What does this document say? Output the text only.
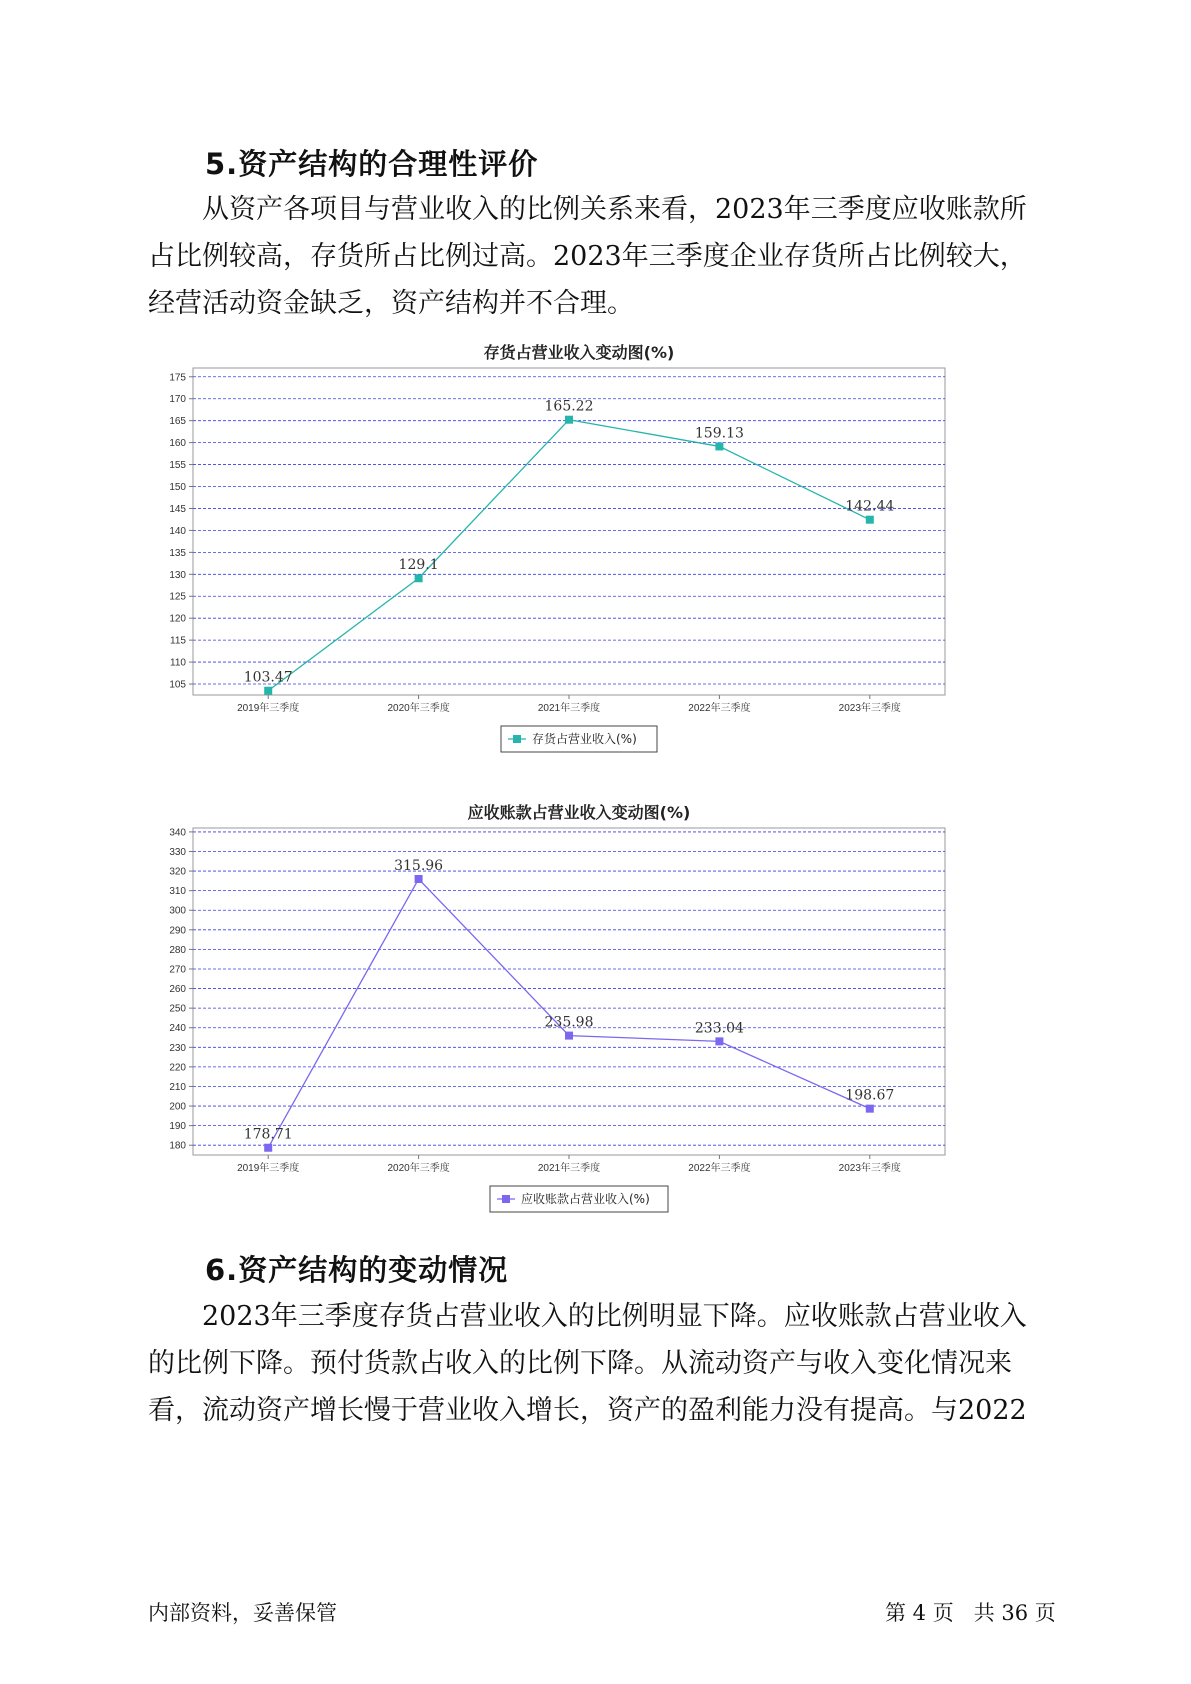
5.资产结构的合理性评价

从资产各项目与营业收入的比例关系来看，2023年三季度应收账款所
占比例较高，存货所占比例过高。2023年三季度企业存货所占比例较大，
经营活动资金缺乏，资产结构并不合理。

存货占营业收入变动图(%)
105
110
115
120
125
130
135
140
145
150
155
160
165
170
175
2019年三季度	2020年三季度	2021年三季度	2022年三季度	2023年三季度
103.47
129.1
165.22
159.13
142.44
存货占营业收入(%)
应收账款占营业收入变动图(%)
180
190
200
210
220
230
240
250
260
270
280
290
300
310
320
330
340
2019年三季度	2020年三季度	2021年三季度	2022年三季度	2023年三季度
178.71
315.96
235.98	233.04
198.67
应收账款占营业收入(%)
6.资产结构的变动情况

2023年三季度存货占营业收入的比例明显下降。应收账款占营业收入
的比例下降。预付货款占收入的比例下降。从流动资产与收入变化情况来
看，流动资产增长慢于营业收入增长，资产的盈利能力没有提高。与2022

内部资料，妥善保管	第 4 页   共 36 页
